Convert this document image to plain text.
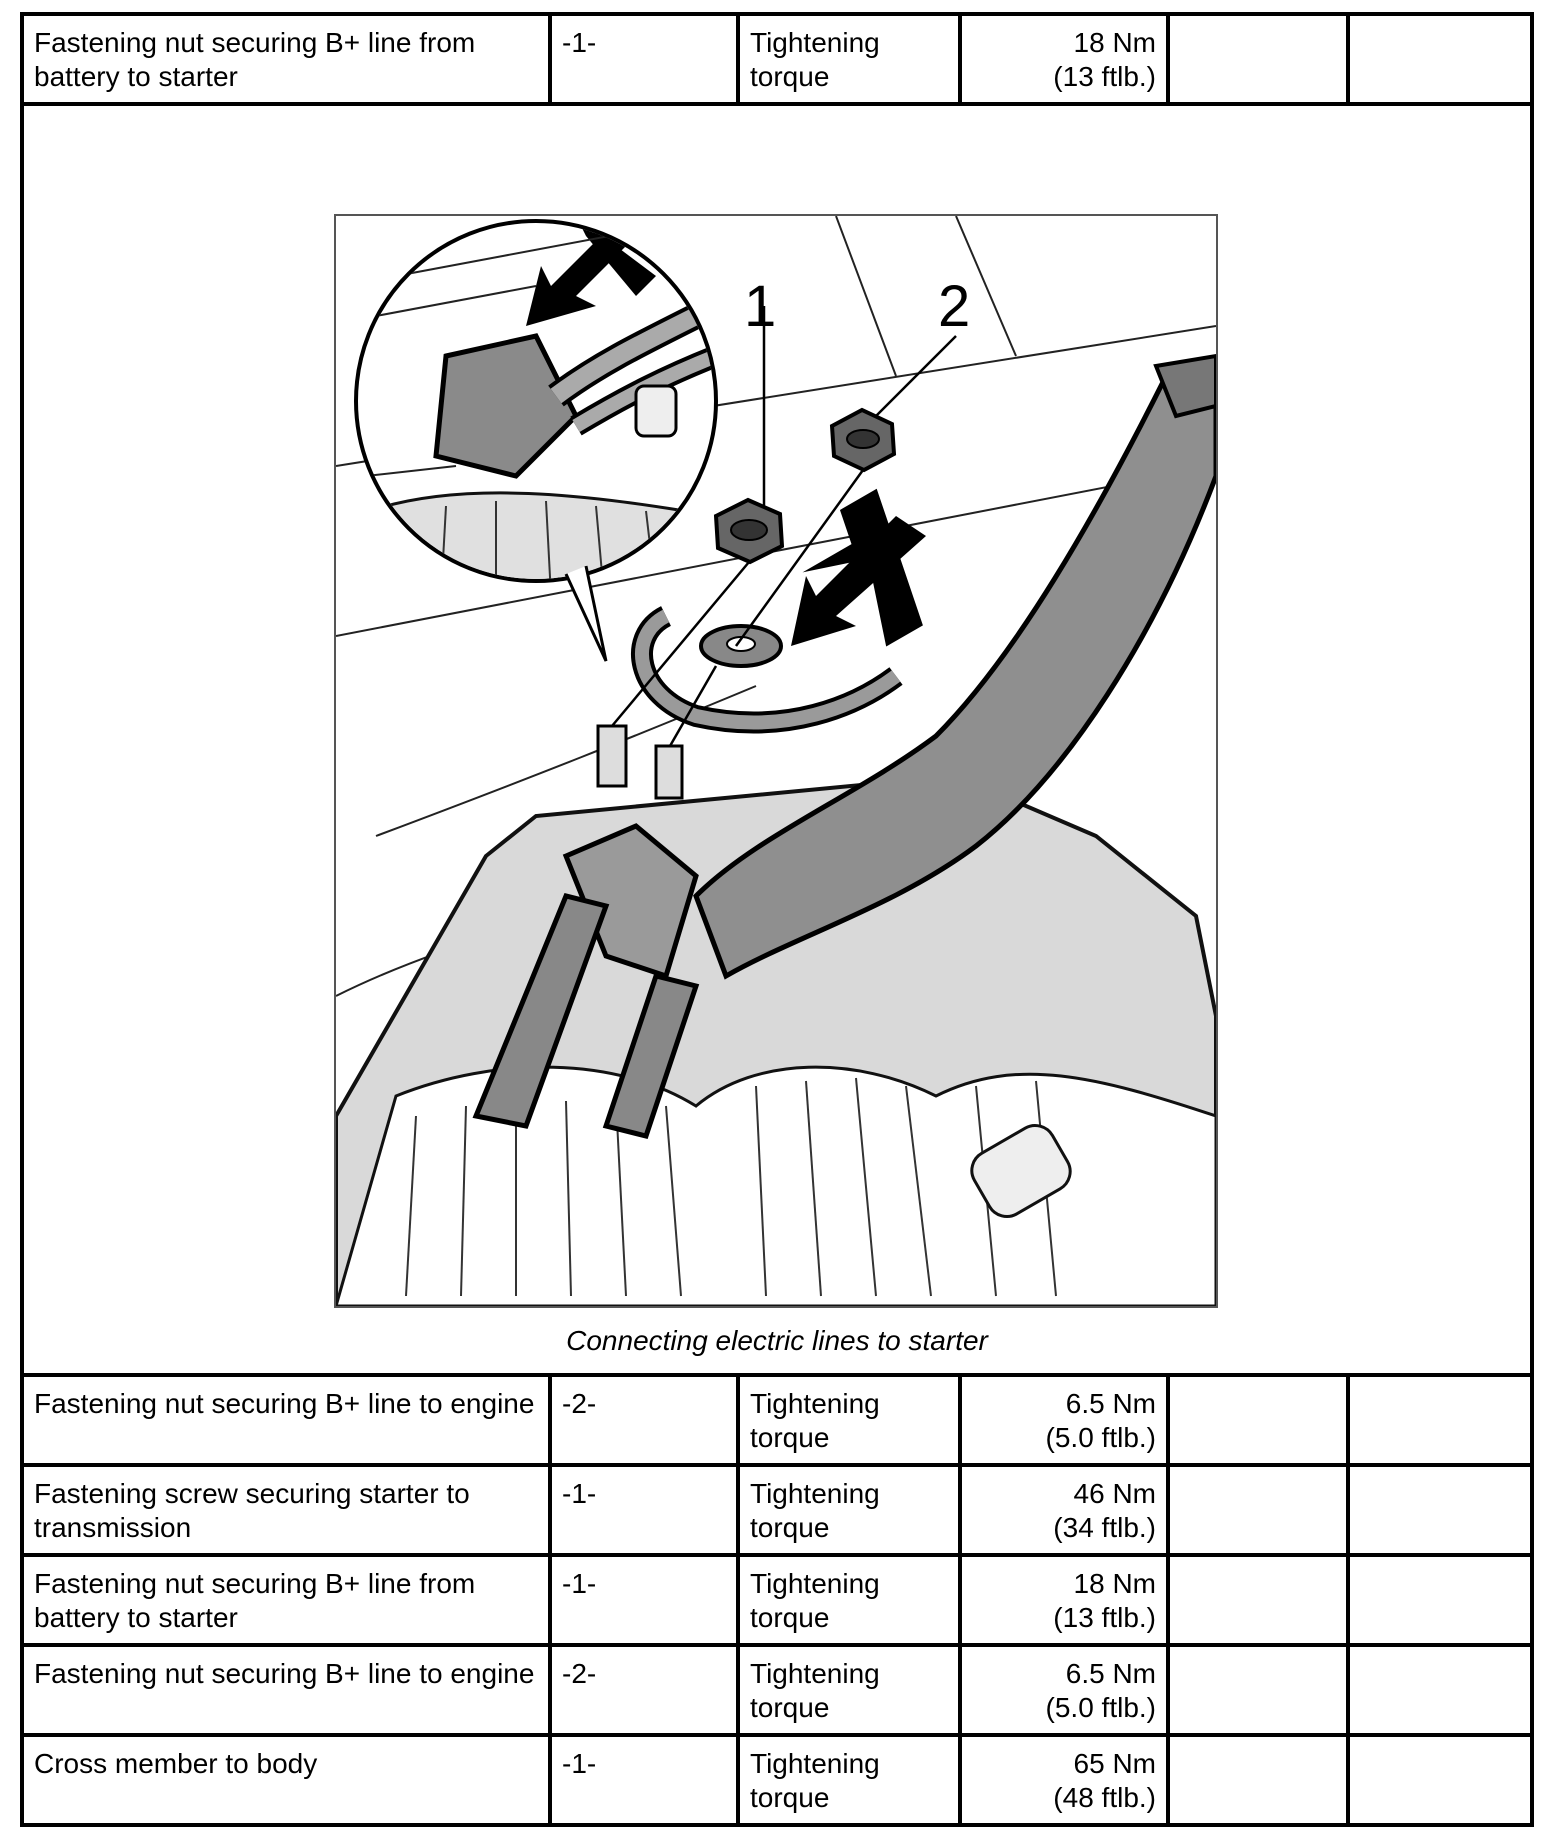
Fastening nut securing B+ line from battery to starter	-1-	Tightening torque	18 Nm
(13 ftlb.)		

1 2
Connecting electric lines to starter					

Fastening nut securing B+ line to engine	-2-	Tightening torque	6.5 Nm
(5.0 ftlb.)		

Fastening screw securing starter to transmission	-1-	Tightening torque	46 Nm
(34 ftlb.)		

Fastening nut securing B+ line from battery to starter	-1-	Tightening torque	18 Nm
(13 ftlb.)		

Fastening nut securing B+ line to engine	-2-	Tightening torque	6.5 Nm
(5.0 ftlb.)		

Cross member to body	-1-	Tightening torque	65 Nm
(48 ftlb.)		
